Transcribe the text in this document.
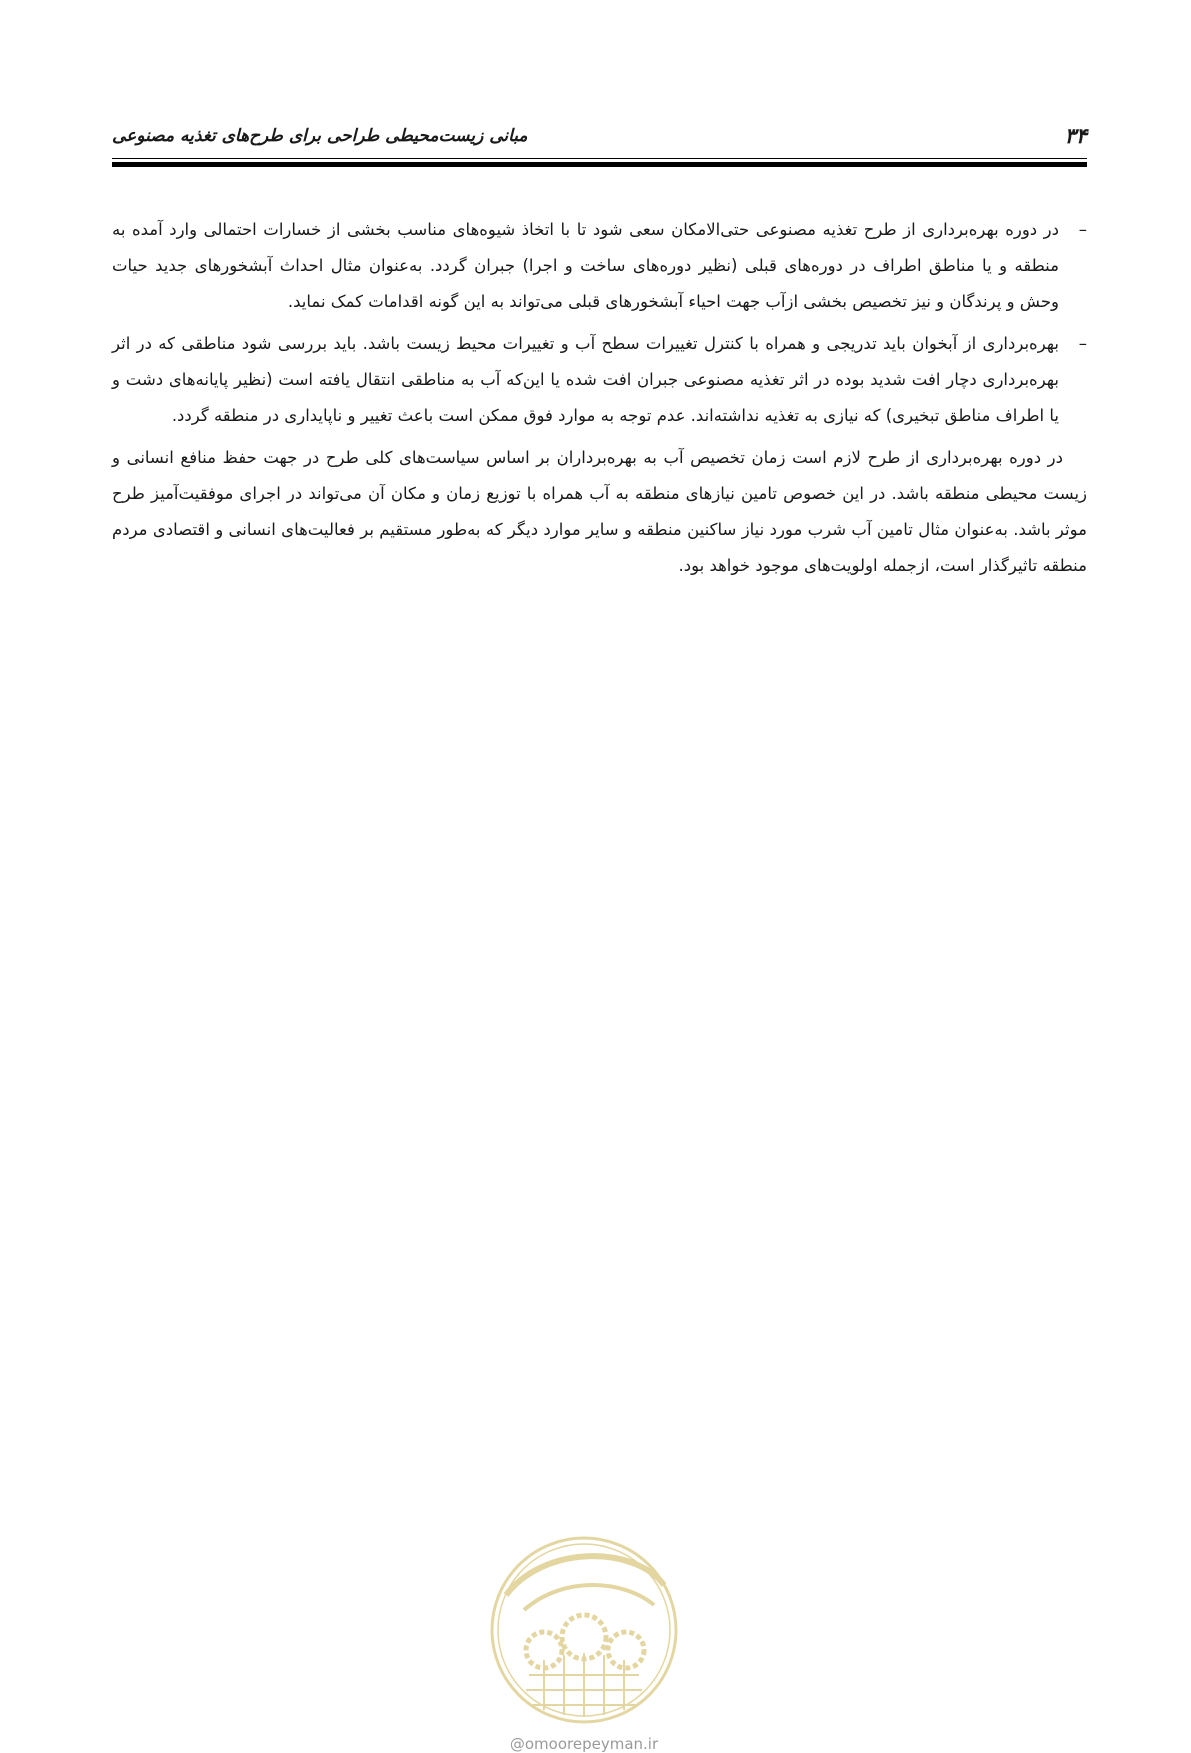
مبانی زیست‌محیطی طراحی برای طرح‌های تغذیه مصنوعی	۳۴
–
در دوره بهره‌برداری از طرح تغذیه مصنوعی حتی‌الامکان سعی شود تا با اتخاذ شیوه‌های مناسب بخشی از خسارات احتمالی وارد آمده به منطقه و یا مناطق اطراف در دوره‌های قبلی (نظیر دوره‌های ساخت و اجرا) جبران گردد. به‌عنوان مثال احداث آبشخورهای جدید حیات وحش و پرندگان و نیز تخصیص بخشی ازآب جهت احیاء آبشخورهای قبلی می‌تواند به این گونه اقدامات کمک نماید.
–
بهره‌برداری از آبخوان باید تدریجی و همراه با کنترل تغییرات سطح آب و تغییرات محیط زیست باشد. باید بررسی شود مناطقی که در اثر بهره‌برداری دچار افت شدید بوده در اثر تغذیه مصنوعی جبران افت شده یا این‌که آب به مناطقی انتقال یافته است (نظیر پایانه‌های دشت و یا اطراف مناطق تبخیری) که نیازی به تغذیه نداشته‌اند. عدم توجه به موارد فوق ممکن است باعث تغییر و ناپایداری در منطقه گردد.
در دوره بهره‌برداری از طرح لازم است زمان تخصیص آب به بهره‌برداران بر اساس سیاست‌های کلی طرح در جهت حفظ منافع انسانی و زیست محیطی منطقه باشد. در این خصوص تامین نیازهای منطقه به آب همراه با توزیع زمان و مکان آن می‌تواند در اجرای موفقیت‌آمیز طرح موثر باشد. به‌عنوان مثال تامین آب شرب مورد نیاز ساکنین منطقه و سایر موارد دیگر که به‌طور مستقیم بر فعالیت‌های انسانی و اقتصادی مردم منطقه تاثیرگذار است، ازجمله اولویت‌های موجود خواهد بود.
@omoorepeyman.ir
